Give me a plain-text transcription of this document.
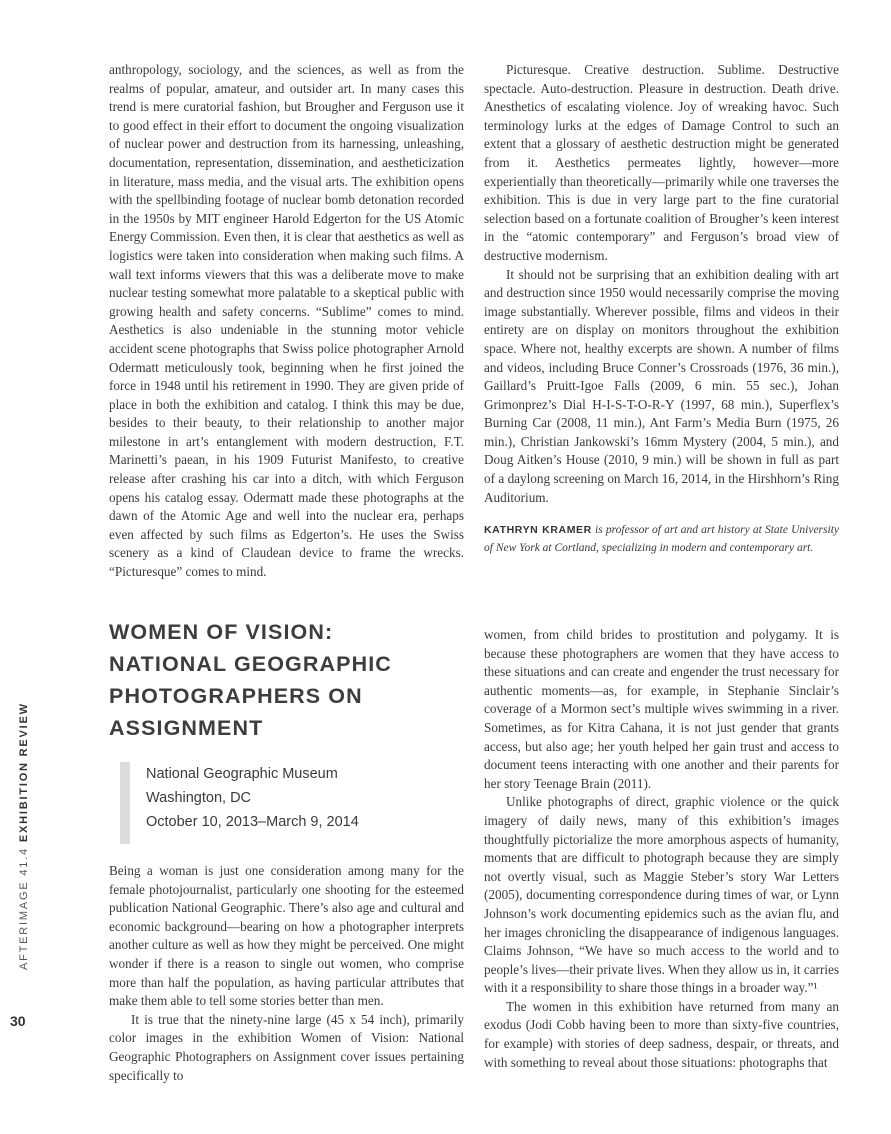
anthropology, sociology, and the sciences, as well as from the realms of popular, amateur, and outsider art. In many cases this trend is mere curatorial fashion, but Brougher and Ferguson use it to good effect in their effort to document the ongoing visualization of nuclear power and destruction from its harnessing, unleashing, documentation, representation, dissemination, and aestheticization in literature, mass media, and the visual arts. The exhibition opens with the spellbinding footage of nuclear bomb detonation recorded in the 1950s by MIT engineer Harold Edgerton for the US Atomic Energy Commission. Even then, it is clear that aesthetics as well as logistics were taken into consideration when making such films. A wall text informs viewers that this was a deliberate move to make nuclear testing somewhat more palatable to a skeptical public with growing health and safety concerns. “Sublime” comes to mind. Aesthetics is also undeniable in the stunning motor vehicle accident scene photographs that Swiss police photographer Arnold Odermatt meticulously took, beginning when he first joined the force in 1948 until his retirement in 1990. They are given pride of place in both the exhibition and catalog. I think this may be due, besides to their beauty, to their relationship to another major milestone in art’s entanglement with modern destruction, F.T. Marinetti’s paean, in his 1909 Futurist Manifesto, to creative release after crashing his car into a ditch, with which Ferguson opens his catalog essay. Odermatt made these photographs at the dawn of the Atomic Age and well into the nuclear era, perhaps even affected by such films as Edgerton’s. He uses the Swiss scenery as a kind of Claudean device to frame the wrecks. “Picturesque” comes to mind.

Picturesque. Creative destruction. Sublime. Destructive spectacle. Auto-destruction. Pleasure in destruction. Death drive. Anesthetics of escalating violence. Joy of wreaking havoc. Such terminology lurks at the edges of Damage Control to such an extent that a glossary of aesthetic destruction might be generated from it. Aesthetics permeates lightly, however—more experientially than theoretically—primarily while one traverses the exhibition. This is due in very large part to the fine curatorial selection based on a fortunate coalition of Brougher’s keen interest in the “atomic contemporary” and Ferguson’s broad view of destructive modernism.

It should not be surprising that an exhibition dealing with art and destruction since 1950 would necessarily comprise the moving image substantially. Wherever possible, films and videos in their entirety are on display on monitors throughout the exhibition space. Where not, healthy excerpts are shown. A number of films and videos, including Bruce Conner’s Crossroads (1976, 36 min.), Gaillard’s Pruitt-Igoe Falls (2009, 6 min. 55 sec.), Johan Grimonprez’s Dial H-I-S-T-O-R-Y (1997, 68 min.), Superflex’s Burning Car (2008, 11 min.), Ant Farm’s Media Burn (1975, 26 min.), Christian Jankowski’s 16mm Mystery (2004, 5 min.), and Doug Aitken’s House (2010, 9 min.) will be shown in full as part of a daylong screening on March 16, 2014, in the Hirshhorn’s Ring Auditorium.

KATHRYN KRAMER is professor of art and art history at State University of New York at Cortland, specializing in modern and contemporary art.
WOMEN OF VISION:
NATIONAL GEOGRAPHIC
PHOTOGRAPHERS ON
ASSIGNMENT
National Geographic Museum
Washington, DC
October 10, 2013–March 9, 2014

Being a woman is just one consideration among many for the female photojournalist, particularly one shooting for the esteemed publication National Geographic. There’s also age and cultural and economic background—bearing on how a photographer interprets another culture as well as how they might be perceived. One might wonder if there is a reason to single out women, who comprise more than half the population, as having particular attributes that make them able to tell some stories better than men.

It is true that the ninety-nine large (45 x 54 inch), primarily color images in the exhibition Women of Vision: National Geographic Photographers on Assignment cover issues pertaining specifically to

women, from child brides to prostitution and polygamy. It is because these photographers are women that they have access to these situations and can create and engender the trust necessary for authentic moments—as, for example, in Stephanie Sinclair’s coverage of a Mormon sect’s multiple wives swimming in a river. Sometimes, as for Kitra Cahana, it is not just gender that grants access, but also age; her youth helped her gain trust and access to document teens interacting with one another and their parents for her story Teenage Brain (2011).

Unlike photographs of direct, graphic violence or the quick imagery of daily news, many of this exhibition’s images thoughtfully pictorialize the more amorphous aspects of humanity, moments that are difficult to photograph because they are simply not overtly visual, such as Maggie Steber’s story War Letters (2005), documenting correspondence during times of war, or Lynn Johnson’s work documenting epidemics such as the avian flu, and her images chronicling the disappearance of indigenous languages. Claims Johnson, “We have so much access to the world and to people’s lives—their private lives. When they allow us in, it carries with it a responsibility to share those things in a broader way.”¹

The women in this exhibition have returned from many an exodus (Jodi Cobb having been to more than sixty-five countries, for example) with stories of deep sadness, despair, or threats, and with something to reveal about those situations: photographs that

AFTERIMAGE 41.4 EXHIBITION REVIEW
30
